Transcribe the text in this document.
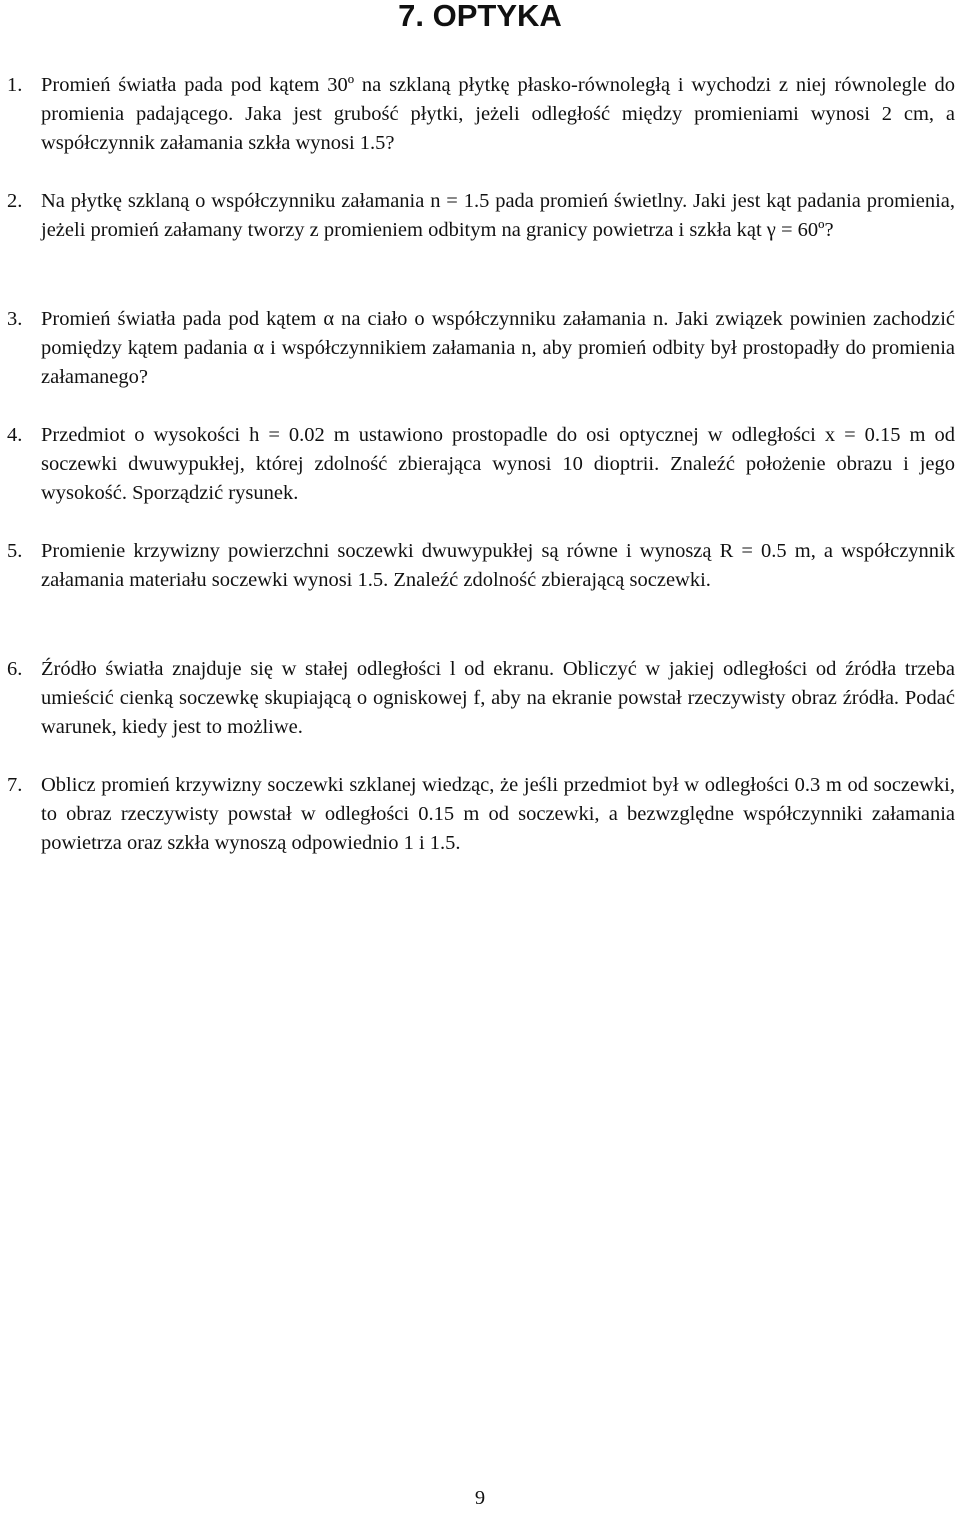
7. OPTYKA
1. Promień światła pada pod kątem 30º na szklaną płytkę płasko-równoległą i wychodzi z niej równolegle do promienia padającego. Jaka jest grubość płytki, jeżeli odległość między promieniami wynosi 2 cm, a współczynnik załamania szkła wynosi 1.5?
2. Na płytkę szklaną o współczynniku załamania n = 1.5 pada promień świetlny. Jaki jest kąt padania promienia, jeżeli promień załamany tworzy z promieniem odbitym na granicy powietrza i szkła kąt γ = 60º?
3. Promień światła pada pod kątem α na ciało o współczynniku załamania n. Jaki związek powinien zachodzić pomiędzy kątem padania α i współczynnikiem załamania n, aby promień odbity był prostopadły do promienia załamanego?
4. Przedmiot o wysokości h = 0.02 m ustawiono prostopadle do osi optycznej w odległości x = 0.15 m od soczewki dwuwypukłej, której zdolność zbierająca wynosi 10 dioptrii. Znaleźć położenie obrazu i jego wysokość. Sporządzić rysunek.
5. Promienie krzywizny powierzchni soczewki dwuwypukłej są równe i wynoszą R = 0.5 m, a współczynnik załamania materiału soczewki wynosi 1.5. Znaleźć zdolność zbierającą soczewki.
6. Źródło światła znajduje się w stałej odległości l od ekranu. Obliczyć w jakiej odległości od źródła trzeba umieścić cienką soczewkę skupiającą o ogniskowej f, aby na ekranie powstał rzeczywisty obraz źródła. Podać warunek, kiedy jest to możliwe.
7. Oblicz promień krzywizny soczewki szklanej wiedząc, że jeśli przedmiot był w odległości 0.3 m od soczewki, to obraz rzeczywisty powstał w odległości 0.15 m od soczewki, a bezwzględne współczynniki załamania powietrza oraz szkła wynoszą odpowiednio 1 i 1.5.
9
